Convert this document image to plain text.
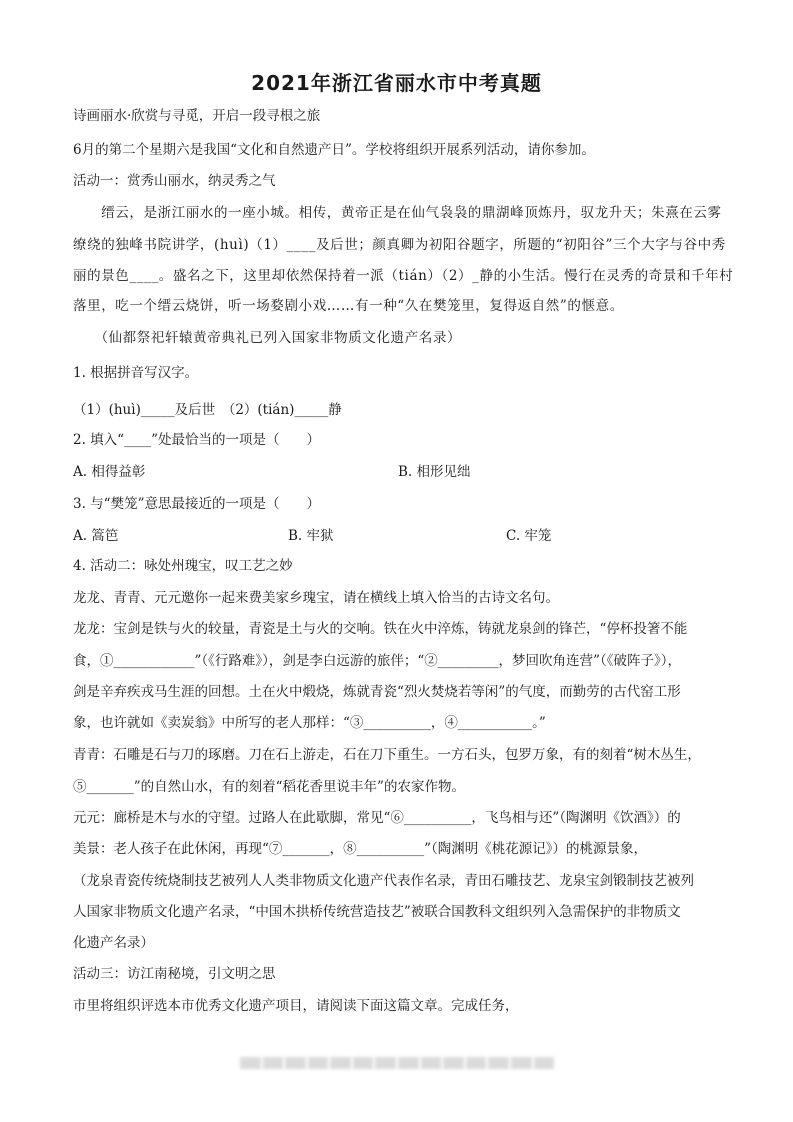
2021年浙江省丽水市中考真题
诗画丽水·欣赏与寻觅，开启一段寻根之旅
6月的第二个星期六是我国“文化和自然遗产日”。学校将组织开展系列活动，请你参加。
活动一：赏秀山丽水，纳灵秀之气
　　缙云，是浙江丽水的一座小城。相传，黄帝正是在仙气袅袅的鼎湖峰顶炼丹，驭龙升天；朱熹在云雾
缭绕的独峰书院讲学，(huì)（1）____及后世；颜真卿为初阳谷题字，所题的“初阳谷”三个大字与谷中秀
丽的景色____。盛名之下，这里却依然保持着一派（tián）（2）_静的小生活。慢行在灵秀的奇景和千年村
落里，吃一个缙云烧饼，听一场婺剧小戏……有一种“久在樊笼里，复得返自然”的惬意。
　　（仙都祭祀轩辕黄帝典礼已列入国家非物质文化遗产名录）
1. 根据拼音写汉字。
（1）(huì)_____及后世　（2）(tián)_____静
2. 填入“____”处最恰当的一项是（　　）
A. 相得益彰	B. 相形见绌
3. 与“樊笼”意思最接近的一项是（　　）
A. 篙笆	B. 牢狱	C. 牢笼
4. 活动二：咏处州瑰宝，叹工艺之妙
龙龙、青青、元元邀你一起来费美家乡瑰宝，请在横线上填入恰当的古诗文名句。
龙龙：宝剑是铁与火的较量，青瓷是土与火的交响。铁在火中淬炼，铸就龙泉剑的锋芒，“停杯投箸不能
食，①____________”（《行路难》），剑是李白远游的旅伴；“②_________，梦回吹角连营”（《破阵子》），
剑是辛弃疾戎马生涯的回想。土在火中煅烧，炼就青瓷“烈火焚烧若等闲”的气度，而勤劳的古代窑工形
象，也许就如《卖炭翁》中所写的老人那样：“③__________，④___________。”
青青：石雕是石与刀的琢磨。刀在石上游走，石在刀下重生。一方石头，包罗万象，有的刻着“树木丛生，
⑤_______”的自然山水，有的刻着“稻花香里说丰年”的农家作物。
元元：廊桥是木与水的守望。过路人在此歇脚，常见“⑥__________，飞鸟相与还”（陶渊明《饮酒》）的
美景：老人孩子在此休闲，再现“⑦_______，⑧__________”（陶渊明《桃花源记》）的桃源景象，
（龙泉青瓷传统烧制技艺被列人人类非物质文化遗产代表作名录，青田石雕技艺、龙泉宝剑锻制技艺被列
人国家非物质文化遗产名录，“中国木拱桥传统营造技艺”被联合国教科文组织列入急需保护的非物质文
化遗产名录）
活动三：访江南秘境，引文明之思
市里将组织评选本市优秀文化遗产项目，请阅读下面这篇文章。完成任务，
